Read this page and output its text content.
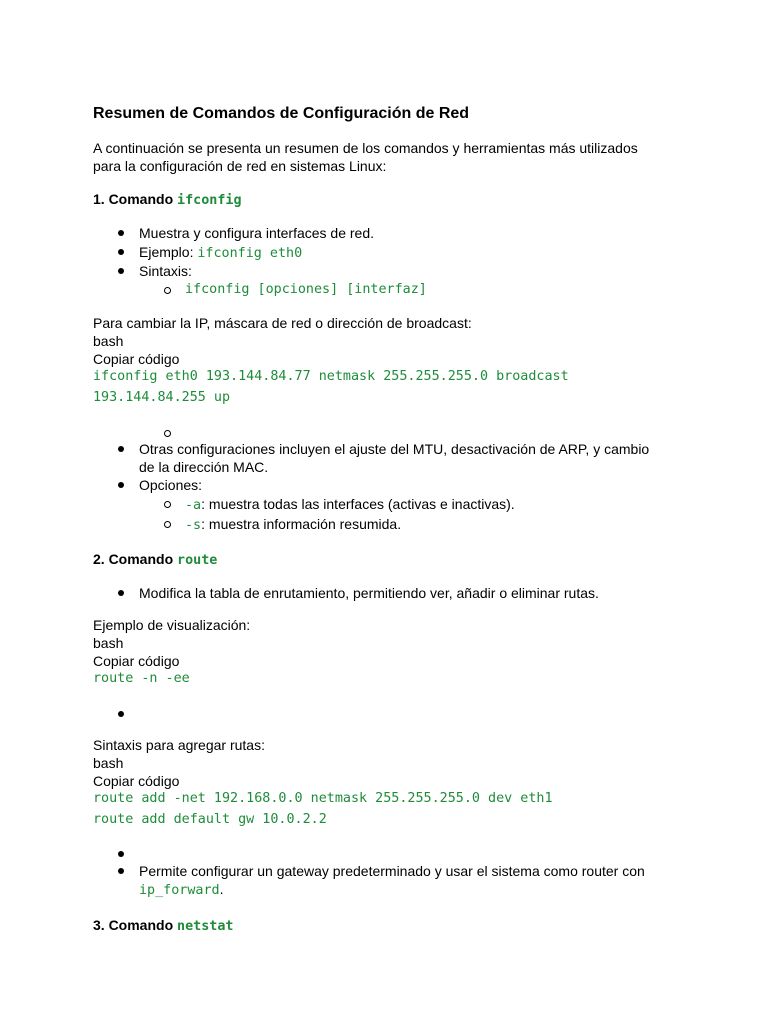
Resumen de Comandos de Configuración de Red

A continuación se presenta un resumen de los comandos y herramientas más utilizados

para la configuración de red en sistemas Linux:

1. Comando ifconfig

Muestra y configura interfaces de red.
Ejemplo: ifconfig eth0
Sintaxis:
ifconfig [opciones] [interfaz]

Para cambiar la IP, máscara de red o dirección de broadcast:

bash

Copiar código

ifconfig eth0 193.144.84.77 netmask 255.255.255.0 broadcast
193.144.84.255 up
Otras configuraciones incluyen el ajuste del MTU, desactivación de ARP, y cambio
de la dirección MAC.
Opciones:
-a: muestra todas las interfaces (activas e inactivas).
-s: muestra información resumida.

2. Comando route

Modifica la tabla de enrutamiento, permitiendo ver, añadir o eliminar rutas.

Ejemplo de visualización:

bash

Copiar código

route -n -ee

Sintaxis para agregar rutas:

bash

Copiar código

route add -net 192.168.0.0 netmask 255.255.255.0 dev eth1
route add default gw 10.0.2.2
Permite configurar un gateway predeterminado y usar el sistema como router con
ip_forward.

3. Comando netstat
